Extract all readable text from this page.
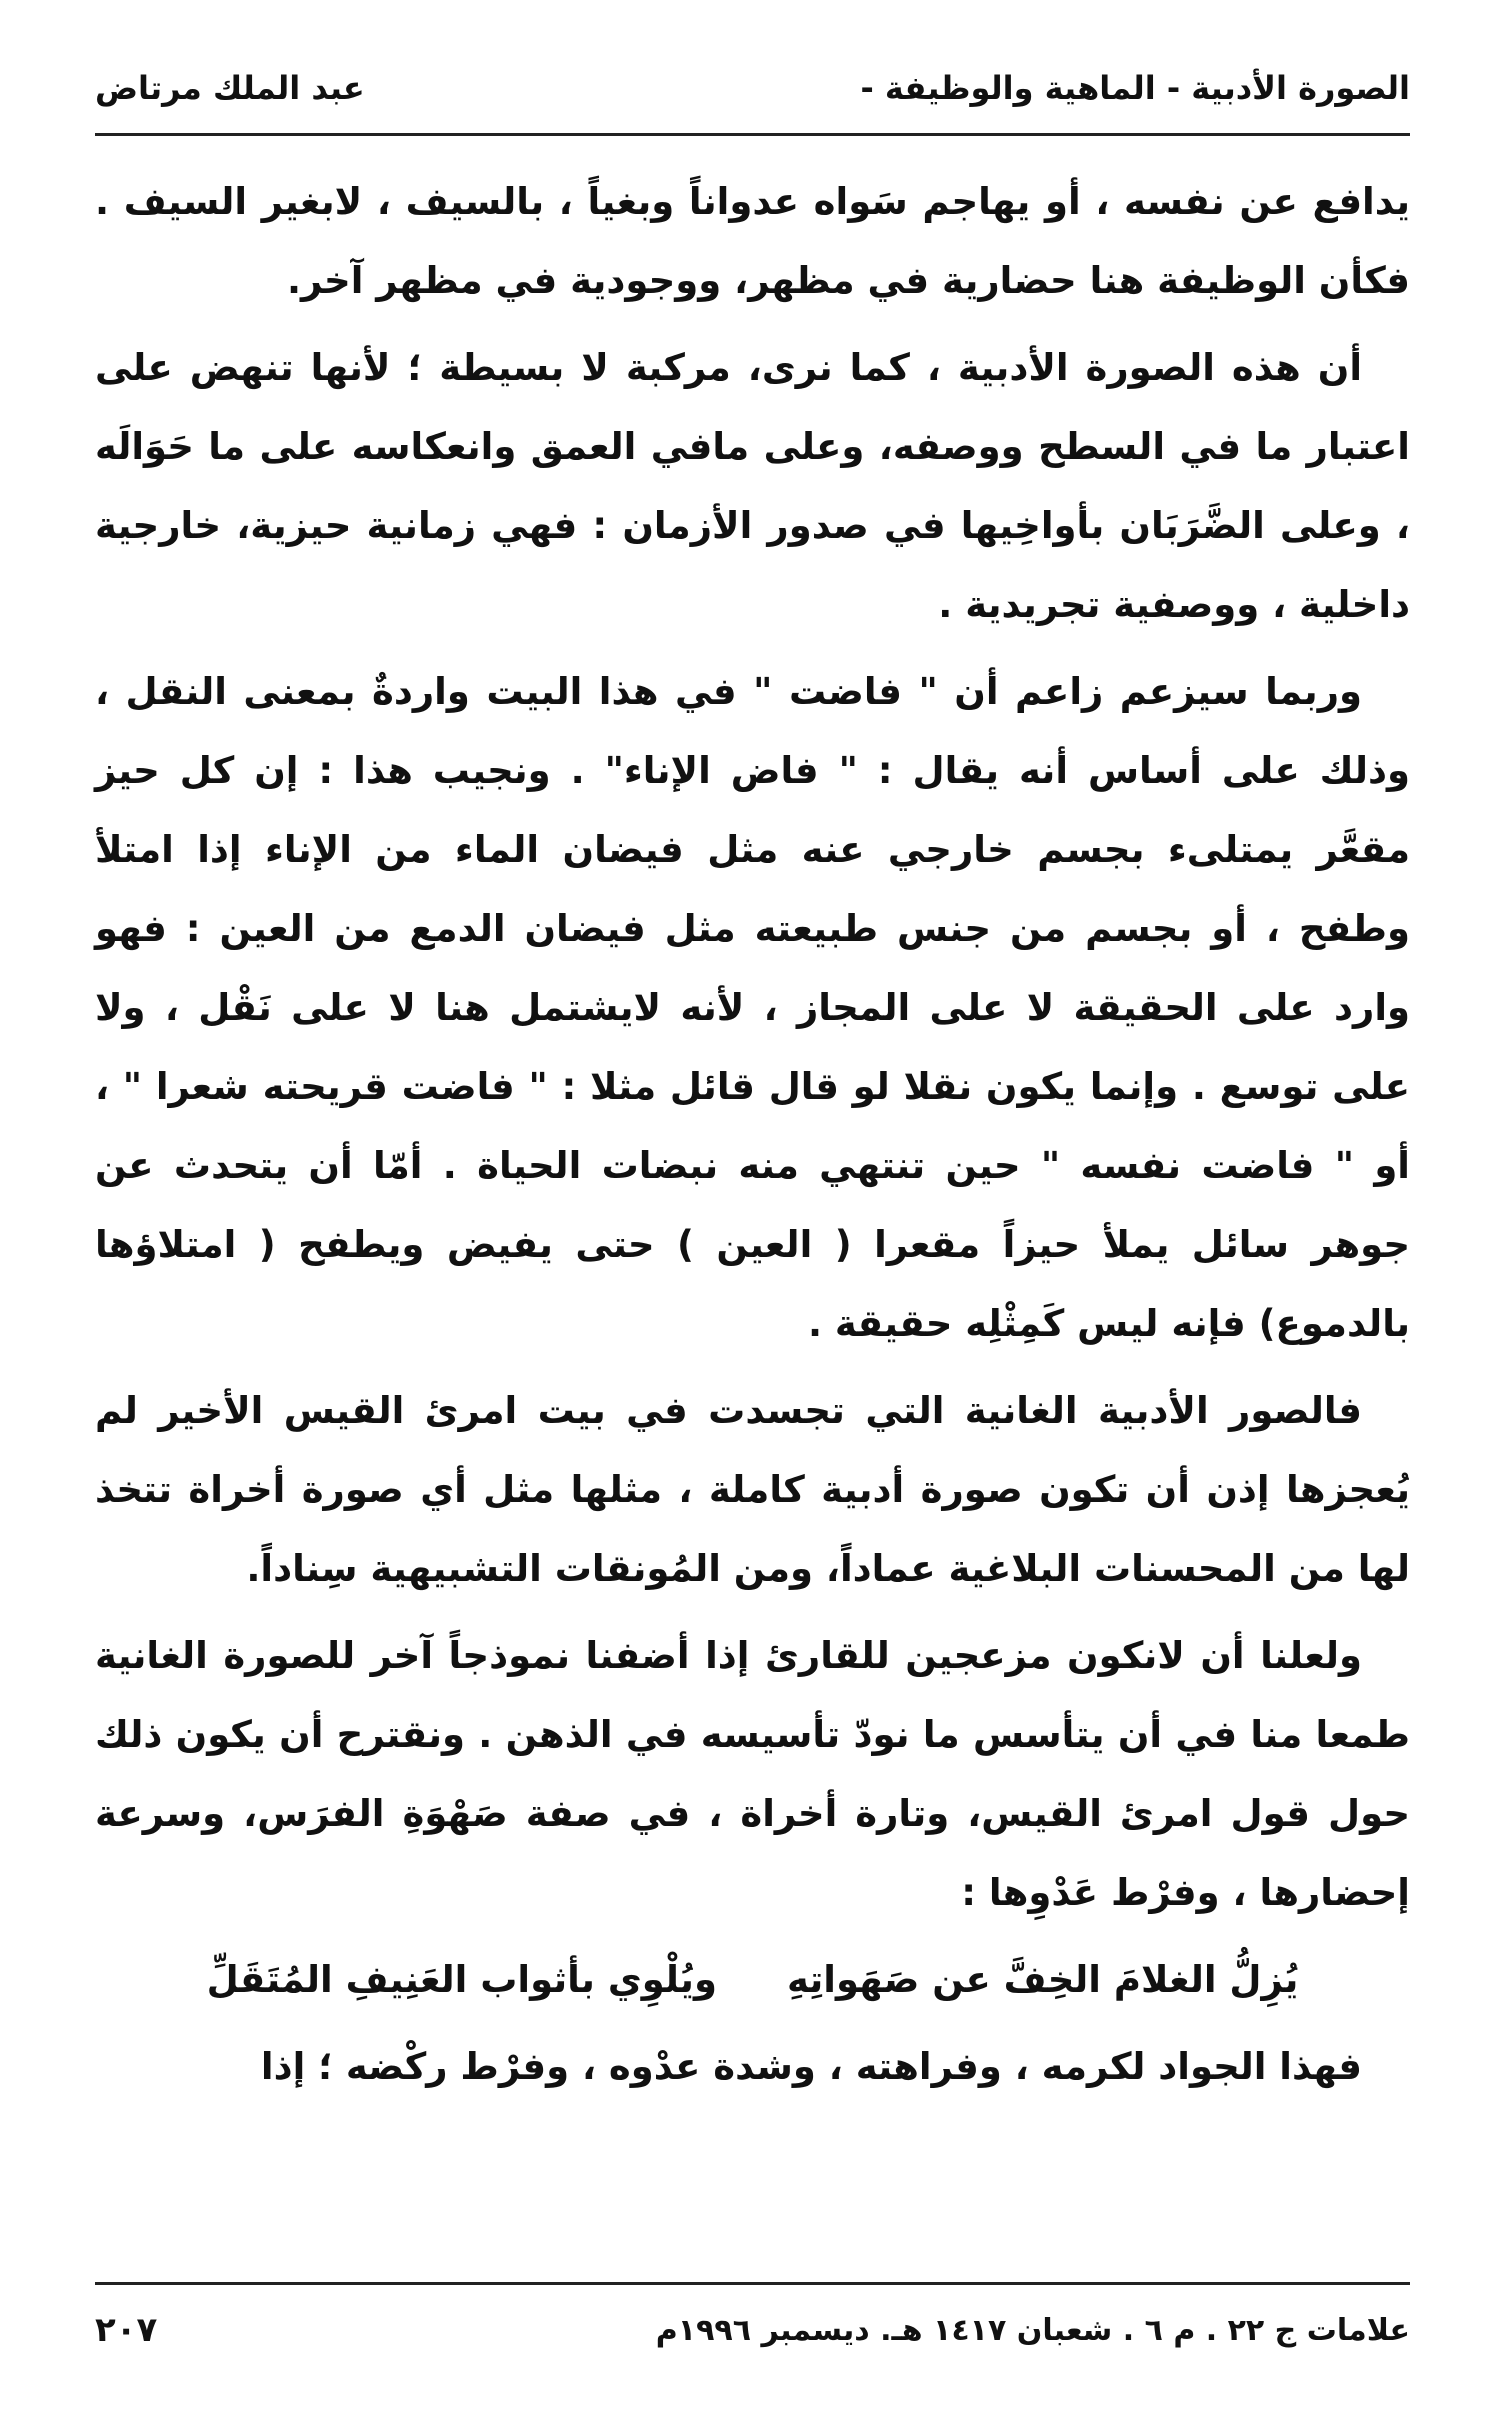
الصورة الأدبية - الماهية والوظيفة -
عبد الملك مرتاض

يدافع عن نفسه ، أو يهاجم سَواه عدواناً وبغياً ، بالسيف ، لابغير السيف . فكأن الوظيفة هنا حضارية في مظهر، ووجودية في مظهر آخر.

أن هذه الصورة الأدبية ، كما نرى، مركبة لا بسيطة ؛ لأنها تنهض على اعتبار ما في السطح ووصفه، وعلى مافي العمق وانعكاسه على ما حَوَالَه ، وعلى الضَّرَبَان بأواخِيها في صدور الأزمان : فهي زمانية حيزية، خارجية داخلية ، ووصفية تجريدية .

وربما سيزعم زاعم أن " فاضت " في هذا البيت واردةٌ بمعنى النقل ، وذلك على أساس أنه يقال : " فاض الإناء" . ونجيب هذا : إن كل حيز مقعَّر يمتلىء بجسم خارجي عنه مثل فيضان الماء من الإناء إذا امتلأ وطفح ، أو بجسم من جنس طبيعته مثل فيضان الدمع من العين : فهو وارد على الحقيقة لا على المجاز ، لأنه لايشتمل هنا لا على نَقْل ، ولا على توسع . وإنما يكون نقلا لو قال قائل مثلا : " فاضت قريحته شعرا " ، أو " فاضت نفسه " حين تنتهي منه نبضات الحياة . أمّا أن يتحدث عن جوهر سائل يملأ حيزاً مقعرا ( العين ) حتى يفيض ويطفح ( امتلاؤها بالدموع) فإنه ليس كَمِثْلِه حقيقة .

فالصور الأدبية الغانية التي تجسدت في بيت امرئ القيس الأخير لم يُعجزها إذن أن تكون صورة أدبية كاملة ، مثلها مثل أي صورة أخراة تتخذ لها من المحسنات البلاغية عماداً، ومن المُونقات التشبيهية سِناداً.

ولعلنا أن لانكون مزعجين للقارئ إذا أضفنا نموذجاً آخر للصورة الغانية طمعا منا في أن يتأسس ما نودّ تأسيسه في الذهن . ونقترح أن يكون ذلك حول قول امرئ القيس، وتارة أخراة ، في صفة صَهْوَةِ الفرَس، وسرعة إحضارها ، وفرْط عَدْوِها :

يُزِلُّ الغلامَ الخِفَّ عن صَهَواتِهِ
ويُلْوِي بأثواب العَنِيفِ المُتَقَلِّ

فهذا الجواد لكرمه ، وفراهته ، وشدة عدْوه ، وفرْط ركْضه ؛ إذا

علامات ج ٢٢ . م ٦ . شعبان ١٤١٧ هـ. ديسمبر ١٩٩٦م
٢٠٧
